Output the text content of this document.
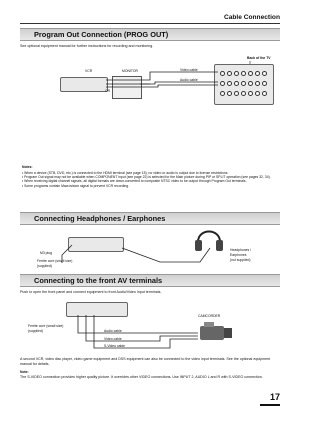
Cable Connection
Program Out Connection (PROG OUT)
See optional equipment manual for further instructions for recording and monitoring.
Back of the TV
VCR	MONITOR
OR
Video cable
Audio cable
Notes:
• When a device (STB, DVD, etc.) is connected to the HDMI terminal (see page 15), no video or audio is output due to license restrictions.
• Program Out signal may not be available when COMPONENT input (see page 22) is selected for the Main picture during PIP or SPLIT operation (see pages 32, 34).
• When receiving digital channel signals, all digital formats are down-converted to composite NTSC video to be output through Program Out terminals.
• Some programs contain Macrovision signal to prevent VCR recording.
Connecting Headphones / Earphones
M3 plug
Ferrite core (small size)
(supplied)
Headphones /
Earphones
(not supplied)
Connecting to the front AV terminals
Push to open the front panel and connect equipment to front Audio/Video Input terminals.
Ferrite core (small size)
(supplied)
CAMCORDER
Audio cable
Video cable
S-Video cable
A second VCR, video disc player, video game equipment and DSS equipment can also be connected to the video input terminals. See the optional equipment manual for details.
Note:
The S-VIDEO connection provides higher quality picture. It overrides other VIDEO connections. Use INPUT 2, AUDIO L and R with S-VIDEO connection.
17
